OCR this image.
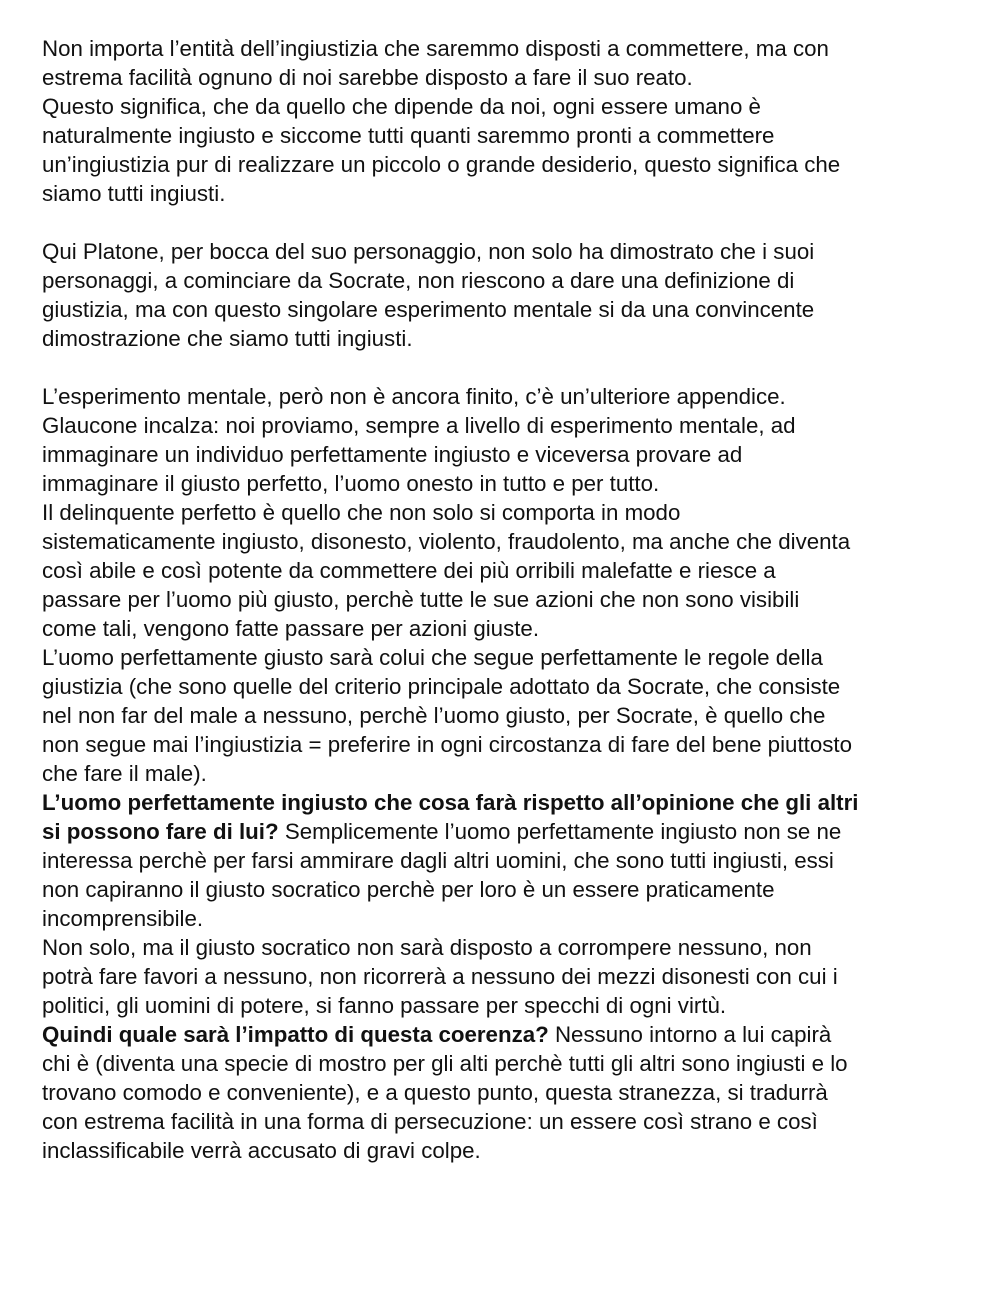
Non importa l’entità dell’ingiustizia che saremmo disposti a commettere, ma con
estrema facilità ognuno di noi sarebbe disposto a fare il suo reato.
Questo significa, che da quello che dipende da noi, ogni essere umano è
naturalmente ingiusto e siccome tutti quanti saremmo pronti a commettere
un’ingiustizia pur di realizzare un piccolo o grande desiderio, questo significa che
siamo tutti ingiusti.
Qui Platone, per bocca del suo personaggio, non solo ha dimostrato che i suoi
personaggi, a cominciare da Socrate, non riescono a dare una definizione di
giustizia, ma con questo singolare esperimento mentale si da una convincente
dimostrazione che siamo tutti ingiusti.
L’esperimento mentale, però non è ancora finito, c’è un’ulteriore appendice.
Glaucone incalza: noi proviamo, sempre a livello di esperimento mentale, ad
immaginare un individuo perfettamente ingiusto e viceversa provare ad
immaginare il giusto perfetto, l’uomo onesto in tutto e per tutto.
Il delinquente perfetto è quello che non solo si comporta in modo
sistematicamente ingiusto, disonesto, violento, fraudolento, ma anche che diventa
così abile e così potente da commettere dei più orribili malefatte e riesce a
passare per l’uomo più giusto, perchè tutte le sue azioni che non sono visibili
come tali, vengono fatte passare per azioni giuste.
L’uomo perfettamente giusto sarà colui che segue perfettamente le regole della
giustizia (che sono quelle del criterio principale adottato da Socrate, che consiste
nel non far del male a nessuno, perchè l’uomo giusto, per Socrate, è quello che
non segue mai l’ingiustizia = preferire in ogni circostanza di fare del bene piuttosto
che fare il male).
L’uomo perfettamente ingiusto che cosa farà rispetto all’opinione che gli altri
si possono fare di lui? Semplicemente l’uomo perfettamente ingiusto non se ne
interessa perchè per farsi ammirare dagli altri uomini, che sono tutti ingiusti, essi
non capiranno il giusto socratico perchè per loro è un essere praticamente
incomprensibile.
Non solo, ma il giusto socratico non sarà disposto a corrompere nessuno, non
potrà fare favori a nessuno, non ricorrerà a nessuno dei mezzi disonesti con cui i
politici, gli uomini di potere, si fanno passare per specchi di ogni virtù.
Quindi quale sarà l’impatto di questa coerenza? Nessuno intorno a lui capirà
chi è (diventa una specie di mostro per gli alti perchè tutti gli altri sono ingiusti e lo
trovano comodo e conveniente), e a questo punto, questa stranezza, si tradurrà
con estrema facilità in una forma di persecuzione: un essere così strano e così
inclassificabile verrà accusato di gravi colpe.
